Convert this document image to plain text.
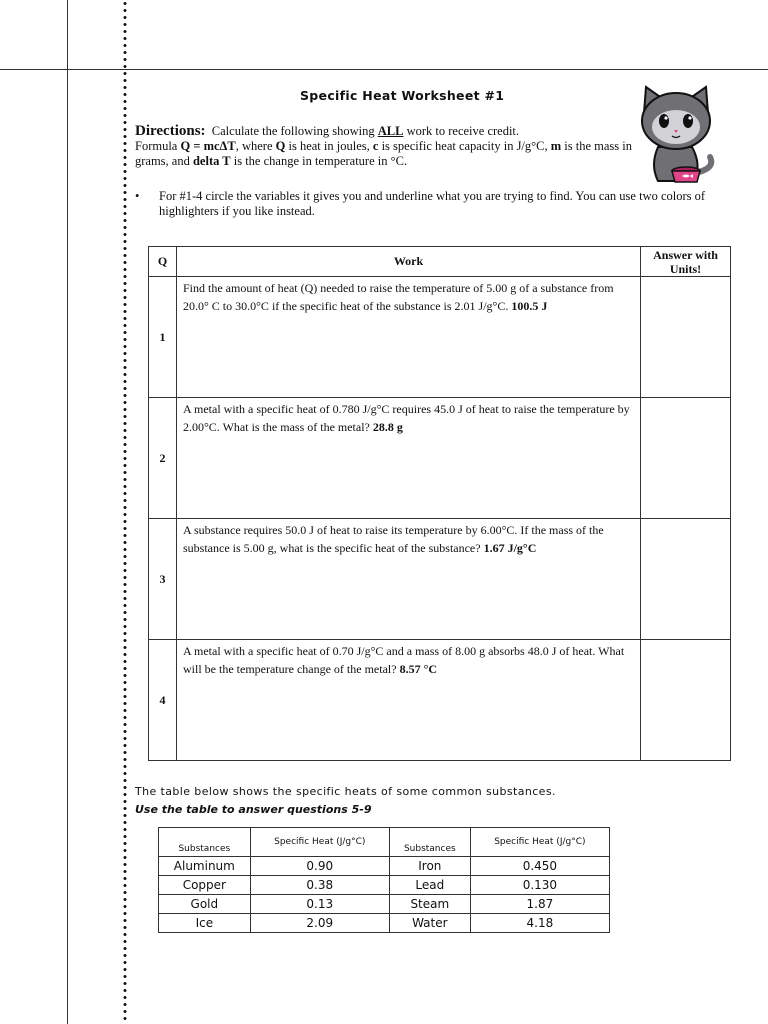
Specific Heat Worksheet #1
Directions: Calculate the following showing ALL work to receive credit.
Formula Q = mcΔT, where Q is heat in joules, c is specific heat capacity in J/g°C, m is the mass in grams, and delta T is the change in temperature in °C.
• For #1-4 circle the variables it gives you and underline what you are trying to find. You can use two colors of highlighters if you like instead.
Q	Work	Answer with Units!
1	Find the amount of heat (Q) needed to raise the temperature of 5.00 g of a substance from 20.0° C to 30.0°C if the specific heat of the substance is 2.01 J/g°C. 100.5 J	
2	A metal with a specific heat of 0.780 J/g°C requires 45.0 J of heat to raise the temperature by 2.00°C. What is the mass of the metal? 28.8 g	
3	A substance requires 50.0 J of heat to raise its temperature by 6.00°C. If the mass of the substance is 5.00 g, what is the specific heat of the substance? 1.67 J/g°C	
4	A metal with a specific heat of 0.70 J/g°C and a mass of 8.00 g absorbs 48.0 J of heat. What will be the temperature change of the metal? 8.57 °C	
The table below shows the specific heats of some common substances.
Use the table to answer questions 5-9
Substances	Specific Heat (J/g°C)	Substances	Specific Heat (J/g°C)
Aluminum	0.90	Iron	0.450
Copper	0.38	Lead	0.130
Gold	0.13	Steam	1.87
Ice	2.09	Water	4.18
